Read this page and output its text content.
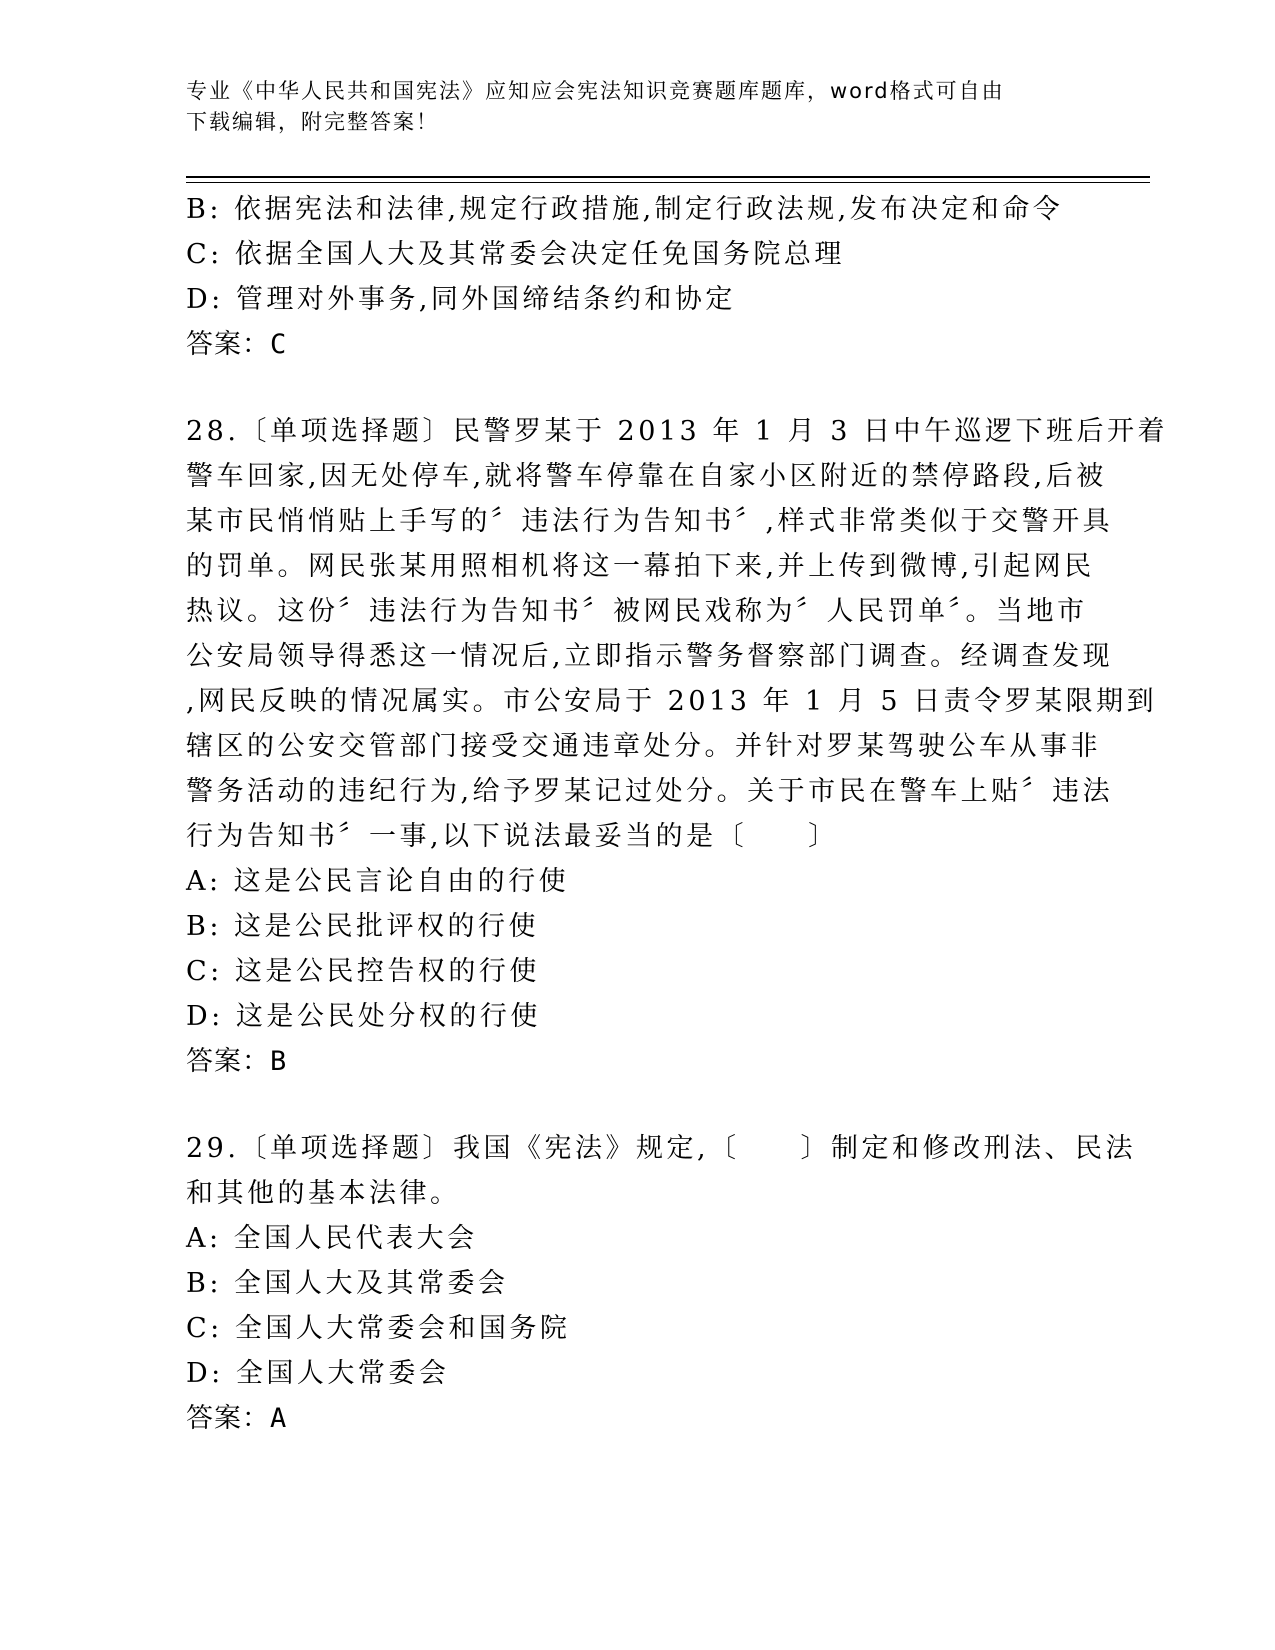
专业《中华人民共和国宪法》应知应会宪法知识竞赛题库题库，word格式可自由
下载编辑，附完整答案！
B: 依据宪法和法律,规定行政措施,制定行政法规,发布决定和命令
C: 依据全国人大及其常委会决定任免国务院总理
D: 管理对外事务,同外国缔结条约和协定
答案：C
28.〔单项选择题〕民警罗某于 2013 年 1 月 3 日中午巡逻下班后开着
警车回家,因无处停车,就将警车停靠在自家小区附近的禁停路段,后被
某市民悄悄贴上手写的〞违法行为告知书〞,样式非常类似于交警开具
的罚单。网民张某用照相机将这一幕拍下来,并上传到微博,引起网民
热议。这份〞违法行为告知书〞被网民戏称为〞人民罚单〞。当地市
公安局领导得悉这一情况后,立即指示警务督察部门调查。经调查发现
,网民反映的情况属实。市公安局于 2013 年 1 月 5 日责令罗某限期到
辖区的公安交管部门接受交通违章处分。并针对罗某驾驶公车从事非
警务活动的违纪行为,给予罗某记过处分。关于市民在警车上贴〞违法
行为告知书〞一事,以下说法最妥当的是〔　　〕
A: 这是公民言论自由的行使
B: 这是公民批评权的行使
C: 这是公民控告权的行使
D: 这是公民处分权的行使
答案：B
29.〔单项选择题〕我国《宪法》规定,〔　　〕制定和修改刑法、民法
和其他的基本法律。
A: 全国人民代表大会
B: 全国人大及其常委会
C: 全国人大常委会和国务院
D: 全国人大常委会
答案：A
